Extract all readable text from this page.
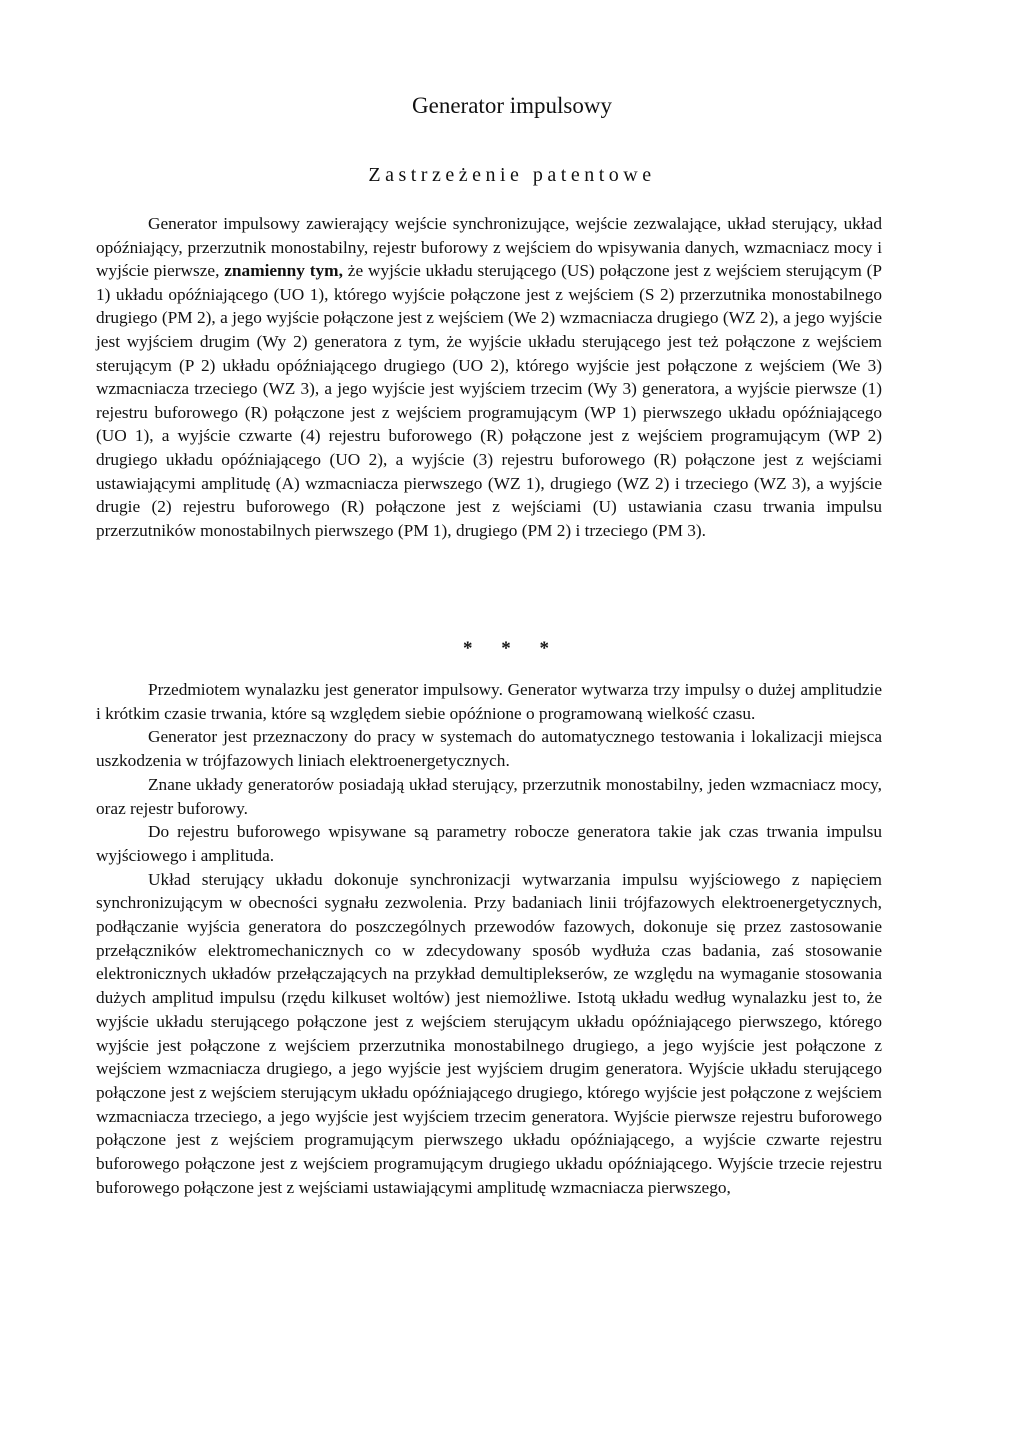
Generator impulsowy
Zastrzeżenie patentowe

Generator impulsowy zawierający wejście synchronizujące, wejście zezwalające, układ sterujący, układ opóźniający, przerzutnik monostabilny, rejestr buforowy z wejściem do wpisywania danych, wzmacniacz mocy i wyjście pierwsze, znamienny tym, że wyjście układu sterującego (US) połączone jest z wejściem sterującym (P 1) układu opóźniającego (UO 1), którego wyjście połączone jest z wejściem (S 2) przerzutnika monostabilnego drugiego (PM 2), a jego wyjście połączone jest z wejściem (We 2) wzmacniacza drugiego (WZ 2), a jego wyjście jest wyjściem drugim (Wy 2) generatora z tym, że wyjście układu sterującego jest też połączone z wejściem sterującym (P 2) układu opóźniającego drugiego (UO 2), którego wyjście jest połączone z wejściem (We 3) wzmacniacza trzeciego (WZ 3), a jego wyjście jest wyjściem trzecim (Wy 3) generatora, a wyjście pierwsze (1) rejestru buforowego (R) połączone jest z wejściem programującym (WP 1) pierwszego układu opóźniającego (UO 1), a wyjście czwarte (4) rejestru buforowego (R) połączone jest z wejściem programującym (WP 2) drugiego układu opóźniającego (UO 2), a wyjście (3) rejestru buforowego (R) połączone jest z wejściami ustawiającymi amplitudę (A) wzmacniacza pierwszego (WZ 1), drugiego (WZ 2) i trzeciego (WZ 3), a wyjście drugie (2) rejestru buforowego (R) połączone jest z wejściami (U) ustawiania czasu trwania impulsu przerzutników monostabilnych pierwszego (PM 1), drugiego (PM 2) i trzeciego (PM 3).

* * *

Przedmiotem wynalazku jest generator impulsowy. Generator wytwarza trzy impulsy o dużej amplitudzie i krótkim czasie trwania, które są względem siebie opóźnione o programowaną wielkość czasu.

Generator jest przeznaczony do pracy w systemach do automatycznego testowania i lokalizacji miejsca uszkodzenia w trójfazowych liniach elektroenergetycznych.

Znane układy generatorów posiadają układ sterujący, przerzutnik monostabilny, jeden wzmacniacz mocy, oraz rejestr buforowy.

Do rejestru buforowego wpisywane są parametry robocze generatora takie jak czas trwania impulsu wyjściowego i amplituda.

Układ sterujący układu dokonuje synchronizacji wytwarzania impulsu wyjściowego z napięciem synchronizującym w obecności sygnału zezwolenia. Przy badaniach linii trójfazowych elektroenergetycznych, podłączanie wyjścia generatora do poszczególnych przewodów fazowych, dokonuje się przez zastosowanie przełączników elektromechanicznych co w zdecydowany sposób wydłuża czas badania, zaś stosowanie elektronicznych układów przełączających na przykład demultiplekserów, ze względu na wymaganie stosowania dużych amplitud impulsu (rzędu kilkuset woltów) jest niemożliwe. Istotą układu według wynalazku jest to, że wyjście układu sterującego połączone jest z wejściem sterującym układu opóźniającego pierwszego, którego wyjście jest połączone z wejściem przerzutnika monostabilnego drugiego, a jego wyjście jest połączone z wejściem wzmacniacza drugiego, a jego wyjście jest wyjściem drugim generatora. Wyjście układu sterującego połączone jest z wejściem sterującym układu opóźniającego drugiego, którego wyjście jest połączone z wejściem wzmacniacza trzeciego, a jego wyjście jest wyjściem trzecim generatora. Wyjście pierwsze rejestru buforowego połączone jest z wejściem programującym pierwszego układu opóźniającego, a wyjście czwarte rejestru buforowego połączone jest z wejściem programującym drugiego układu opóźniającego. Wyjście trzecie rejestru buforowego połączone jest z wejściami ustawiającymi amplitudę wzmacniacza pierwszego,
